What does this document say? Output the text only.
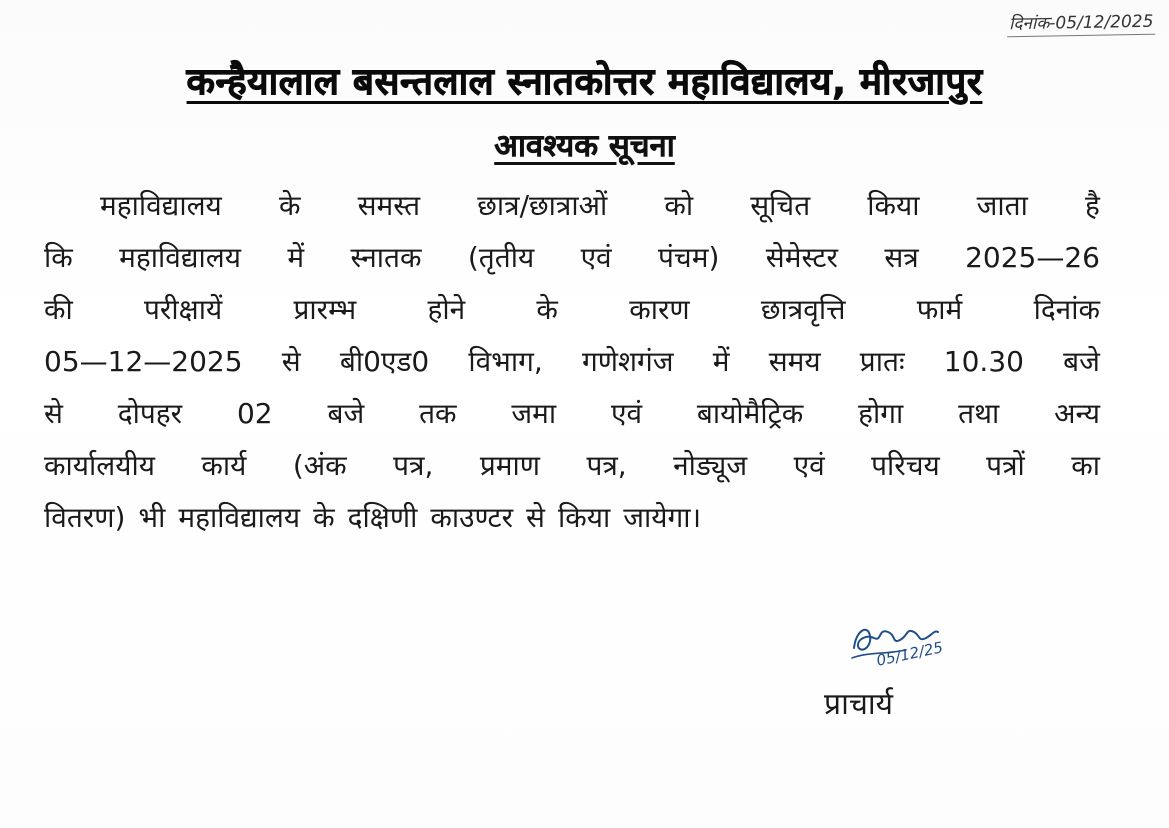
दिनांक-05/12/2025
कन्हैयालाल बसन्तलाल स्नातकोत्तर महाविद्यालय, मीरजापुर
आवश्यक सूचना
महाविद्यालय के समस्त छात्र/छात्राओं को सूचित किया जाता है
कि महाविद्यालय में स्नातक (तृतीय एवं पंचम) सेमेस्टर सत्र 2025—26
की	परीक्षायें	प्रारम्भ	होने	के	कारण	छात्रवृत्ति	फार्म	दिनांक
05—12—2025 से बी0एड0 विभाग, गणेशगंज में समय प्रातः 10.30 बजे
से दोपहर 02 बजे तक जमा एवं बायोमैट्रिक होगा तथा अन्य
कार्यालयीय कार्य (अंक पत्र, प्रमाण पत्र, नोड्यूज एवं परिचय पत्रों का
वितरण) भी महाविद्यालय के दक्षिणी काउण्टर से किया जायेगा।
05/12/25
प्राचार्य
